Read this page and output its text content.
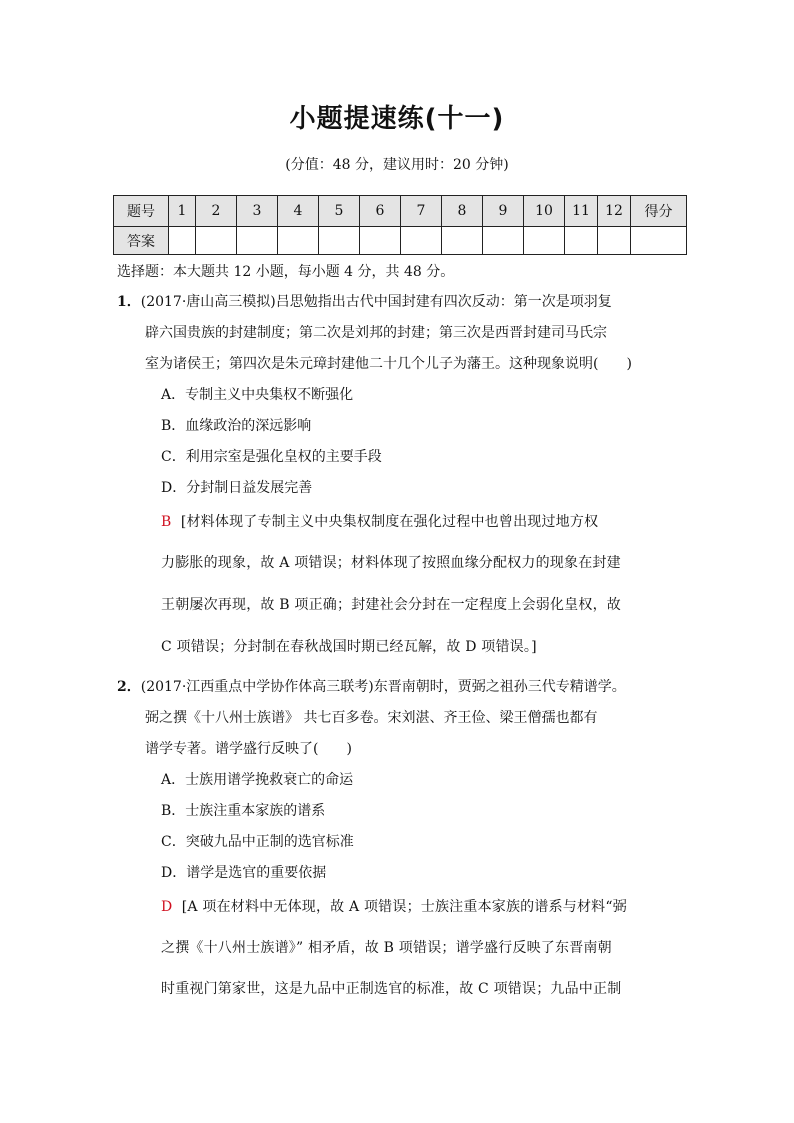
小题提速练(十一)
(分值：48 分，建议用时：20 分钟)
题号	1	2	3	4	5	6	7	8	9	10	11	12	得分
答案													
选择题：本大题共 12 小题，每小题 4 分，共 48 分。
1．(2017·唐山高三模拟)吕思勉指出古代中国封建有四次反动：第一次是项羽复
辟六国贵族的封建制度；第二次是刘邦的封建；第三次是西晋封建司马氏宗
室为诸侯王；第四次是朱元璋封建他二十几个儿子为藩王。这种现象说明(　　)
A．专制主义中央集权不断强化
B．血缘政治的深远影响
C．利用宗室是强化皇权的主要手段
D．分封制日益发展完善
B [材料体现了专制主义中央集权制度在强化过程中也曾出现过地方权
力膨胀的现象，故 A 项错误；材料体现了按照血缘分配权力的现象在封建
王朝屡次再现，故 B 项正确；封建社会分封在一定程度上会弱化皇权，故
C 项错误；分封制在春秋战国时期已经瓦解，故 D 项错误。]
2．(2017·江西重点中学协作体高三联考)东晋南朝时，贾弼之祖孙三代专精谱学。
弼之撰《十八州士族谱》 共七百多卷。宋刘湛、齐王俭、梁王僧孺也都有
谱学专著。谱学盛行反映了(　　)
A．士族用谱学挽救衰亡的命运
B．士族注重本家族的谱系
C．突破九品中正制的选官标准
D．谱学是选官的重要依据
D [A 项在材料中无体现，故 A 项错误；士族注重本家族的谱系与材料“弼
之撰《十八州士族谱》” 相矛盾，故 B 项错误；谱学盛行反映了东晋南朝
时重视门第家世，这是九品中正制选官的标准，故 C 项错误；九品中正制
